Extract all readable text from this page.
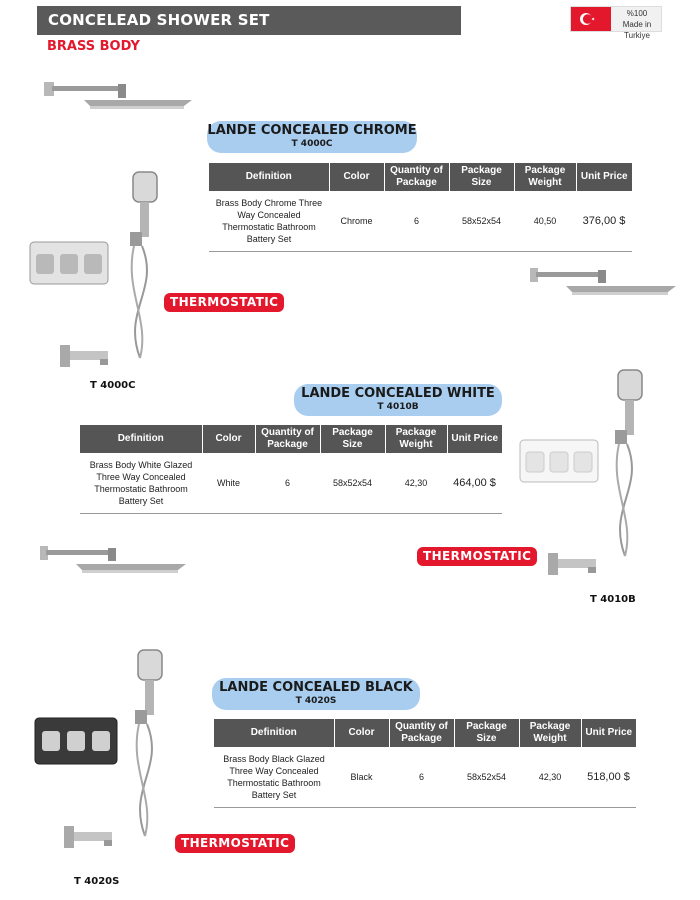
CONCELEAD SHOWER SET
BRASS BODY
%100
Made in Turkiye
LANDE CONCEALED CHROME
T 4000C
Definition	Color	Quantity of Package	Package Size	Package Weight	Unit Price
Brass Body Chrome Three Way Concealed Thermostatic Bathroom Battery Set	Chrome	6	58x52x54	40,50	376,00 $
THERMOSTATIC
T 4000C
LANDE CONCEALED WHITE
T 4010B
Definition	Color	Quantity of Package	Package Size	Package Weight	Unit Price
Brass Body White Glazed Three Way Concealed Thermostatic Bathroom Battery Set	White	6	58x52x54	42,30	464,00 $
THERMOSTATIC
T 4010B
LANDE CONCEALED BLACK
T 4020S
Definition	Color	Quantity of Package	Package Size	Package Weight	Unit Price
Brass Body Black Glazed Three Way Concealed Thermostatic Bathroom Battery Set	Black	6	58x52x54	42,30	518,00 $
THERMOSTATIC
T 4020S
